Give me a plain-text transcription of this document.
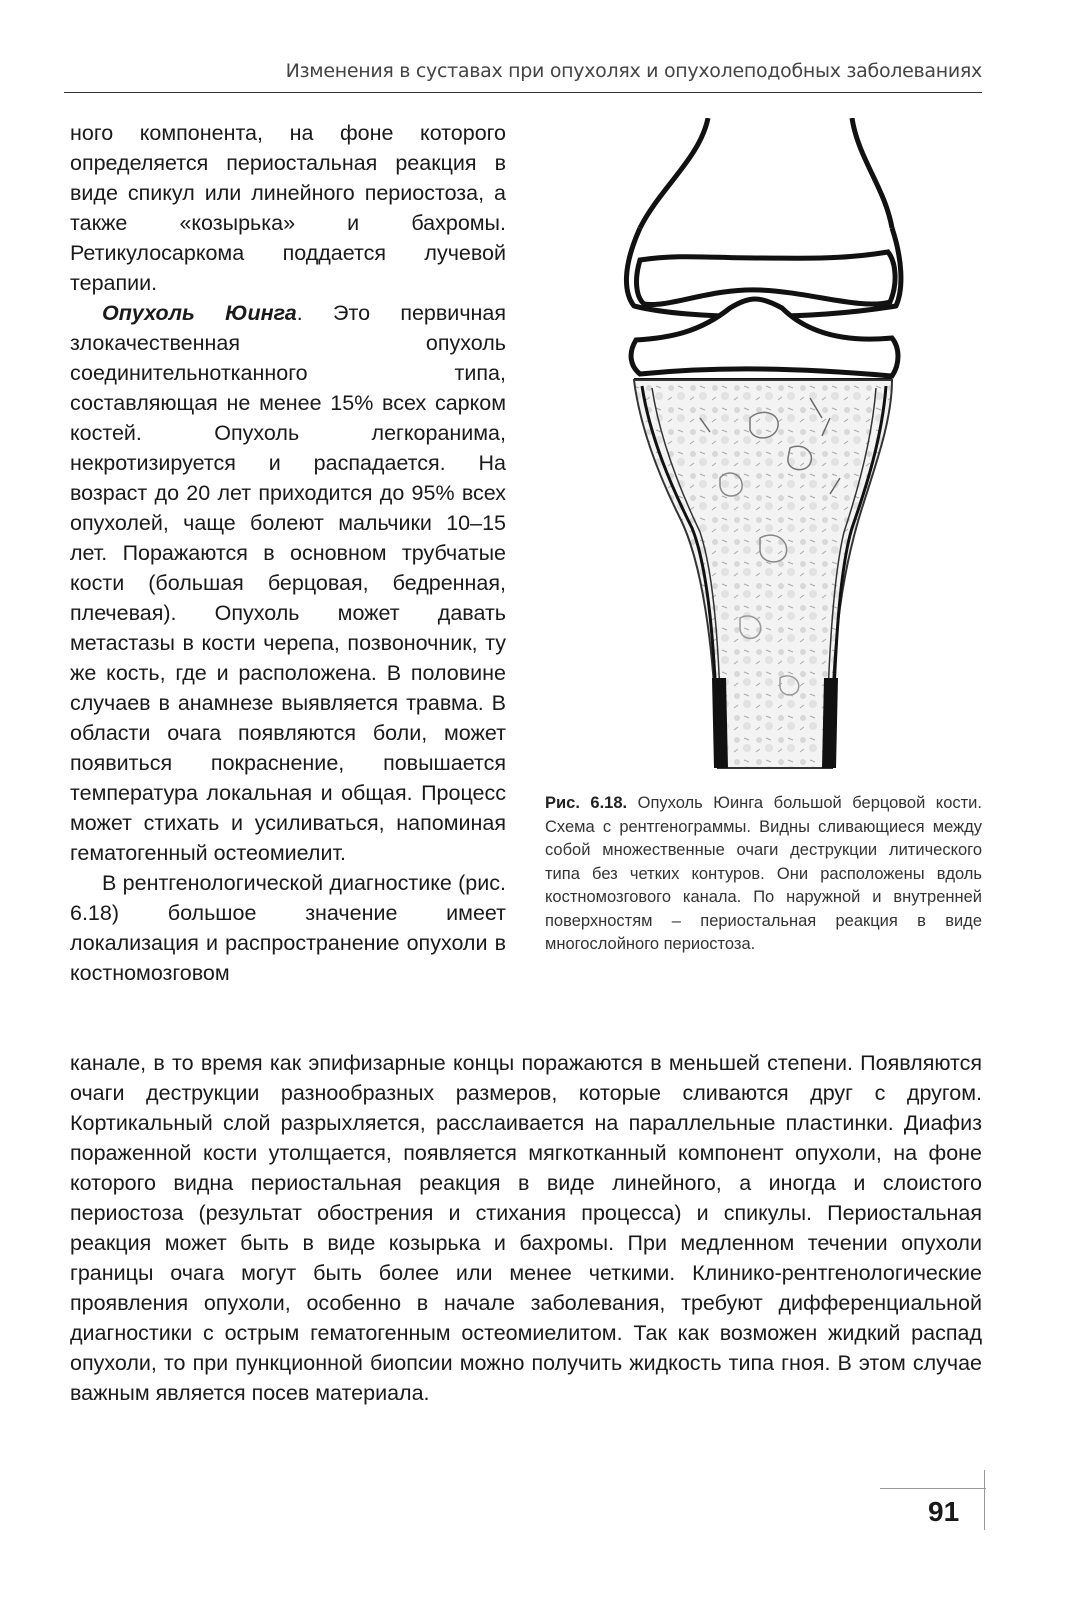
Изменения в суставах при опухолях и опухолеподобных заболеваниях

ного компонента, на фоне которого определяется периостальная реакция в виде спикул или линейного периостоза, а также «козырька» и бахромы. Ретикулосаркома поддается лучевой терапии.

Опухоль Юинга. Это первичная злокачественная опухоль соединительнотканного типа, составляющая не менее 15% всех сарком костей. Опухоль легкоранима, некротизируется и распадается. На возраст до 20 лет приходится до 95% всех опухолей, чаще болеют мальчики 10–15 лет. Поражаются в основном трубчатые кости (большая берцовая, бедренная, плечевая). Опухоль может давать метастазы в кости черепа, позвоночник, ту же кость, где и расположена. В половине случаев в анамнезе выявляется травма. В области очага появляются боли, может появиться покраснение, повышается температура локальная и общая. Процесс может стихать и усиливаться, напоминая гематогенный остеомиелит.

В рентгенологической диагностике (рис. 6.18) большое значение имеет локализация и распространение опухоли в костномозговом

Рис. 6.18. Опухоль Юинга большой берцовой кости. Схема с рентгенограммы. Видны сливающиеся между собой множественные очаги деструкции литического типа без четких контуров. Они расположены вдоль костномозгового канала. По наружной и внутренней поверхностям – периостальная реакция в виде многослойного периостоза.

канале, в то время как эпифизарные концы поражаются в меньшей степени. Появляются очаги деструкции разнообразных размеров, которые сливаются друг с другом. Кортикальный слой разрыхляется, расслаивается на параллельные пластинки. Диафиз пораженной кости утолщается, появляется мягкотканный компонент опухоли, на фоне которого видна периостальная реакция в виде линейного, а иногда и слоистого периостоза (результат обострения и стихания процесса) и спикулы. Периостальная реакция может быть в виде козырька и бахромы. При медленном течении опухоли границы очага могут быть более или менее четкими. Клинико-рентгенологические проявления опухоли, особенно в начале заболевания, требуют дифференциальной диагностики с острым гематогенным остеомиелитом. Так как возможен жидкий распад опухоли, то при пункционной биопсии можно получить жидкость типа гноя. В этом случае важным является посев материала.

91
